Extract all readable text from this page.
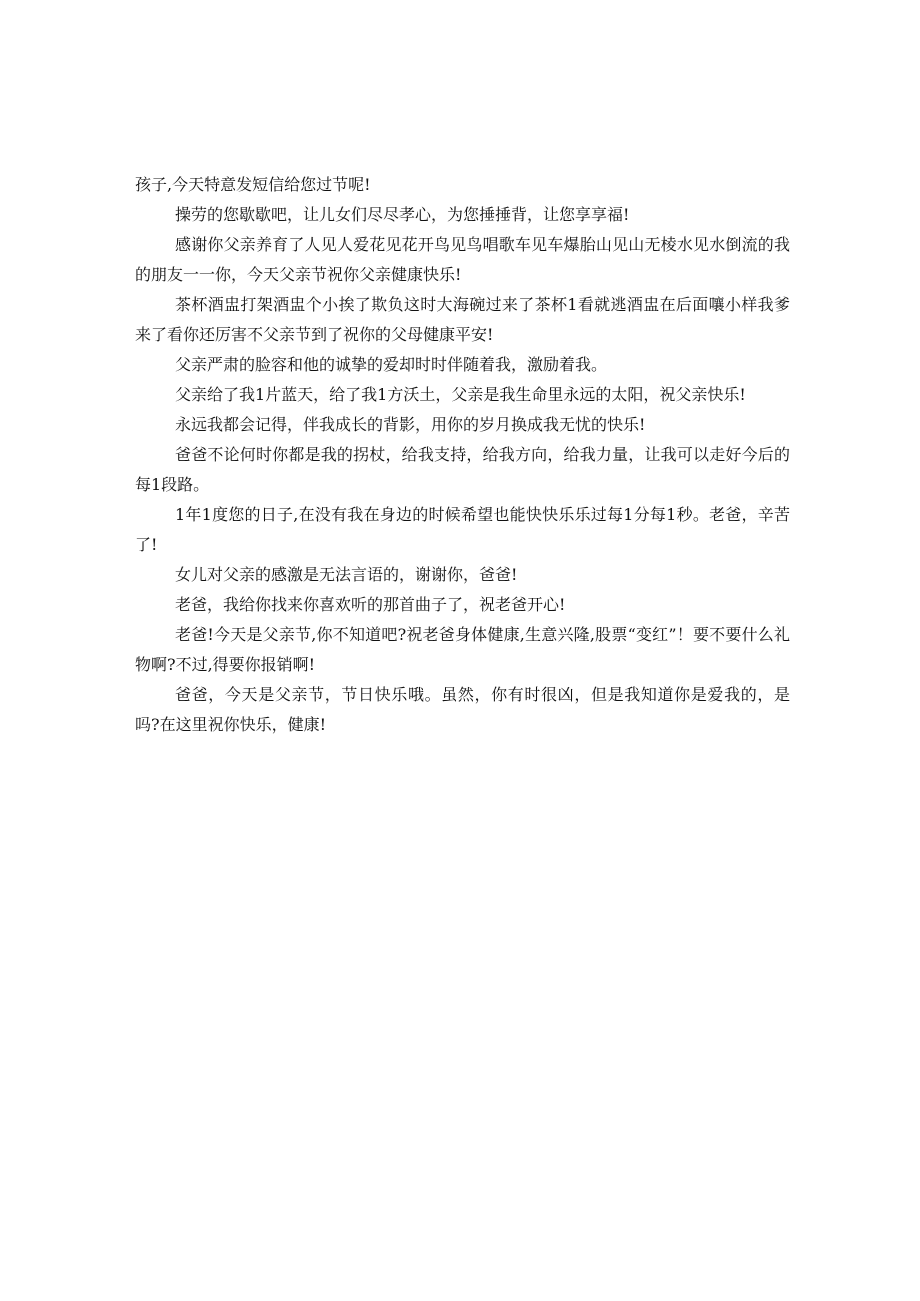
孩子,今天特意发短信给您过节呢!

操劳的您歇歇吧，让儿女们尽尽孝心，为您捶捶背，让您享享福!

感谢你父亲养育了人见人爱花见花开鸟见鸟唱歌车见车爆胎山见山无棱水见水倒流的我的朋友一一你，今天父亲节祝你父亲健康快乐!

茶杯酒盅打架酒盅个小挨了欺负这时大海碗过来了茶杯1看就逃酒盅在后面嚷小样我爹来了看你还厉害不父亲节到了祝你的父母健康平安!

父亲严肃的脸容和他的诚挚的爱却时时伴随着我，激励着我。

父亲给了我1片蓝天，给了我1方沃土，父亲是我生命里永远的太阳，祝父亲快乐!

永远我都会记得，伴我成长的背影，用你的岁月换成我无忧的快乐!

爸爸不论何时你都是我的拐杖，给我支持，给我方向，给我力量，让我可以走好今后的每1段路。

1年1度您的日子,在没有我在身边的时候希望也能快快乐乐过每1分每1秒。老爸，辛苦了!

女儿对父亲的感激是无法言语的，谢谢你，爸爸!

老爸，我给你找来你喜欢听的那首曲子了，祝老爸开心!

老爸!今天是父亲节,你不知道吧?祝老爸身体健康,生意兴隆,股票“变红”！要不要什么礼物啊?不过,得要你报销啊!

爸爸，今天是父亲节，节日快乐哦。虽然，你有时很凶，但是我知道你是爱我的，是吗?在这里祝你快乐，健康!
